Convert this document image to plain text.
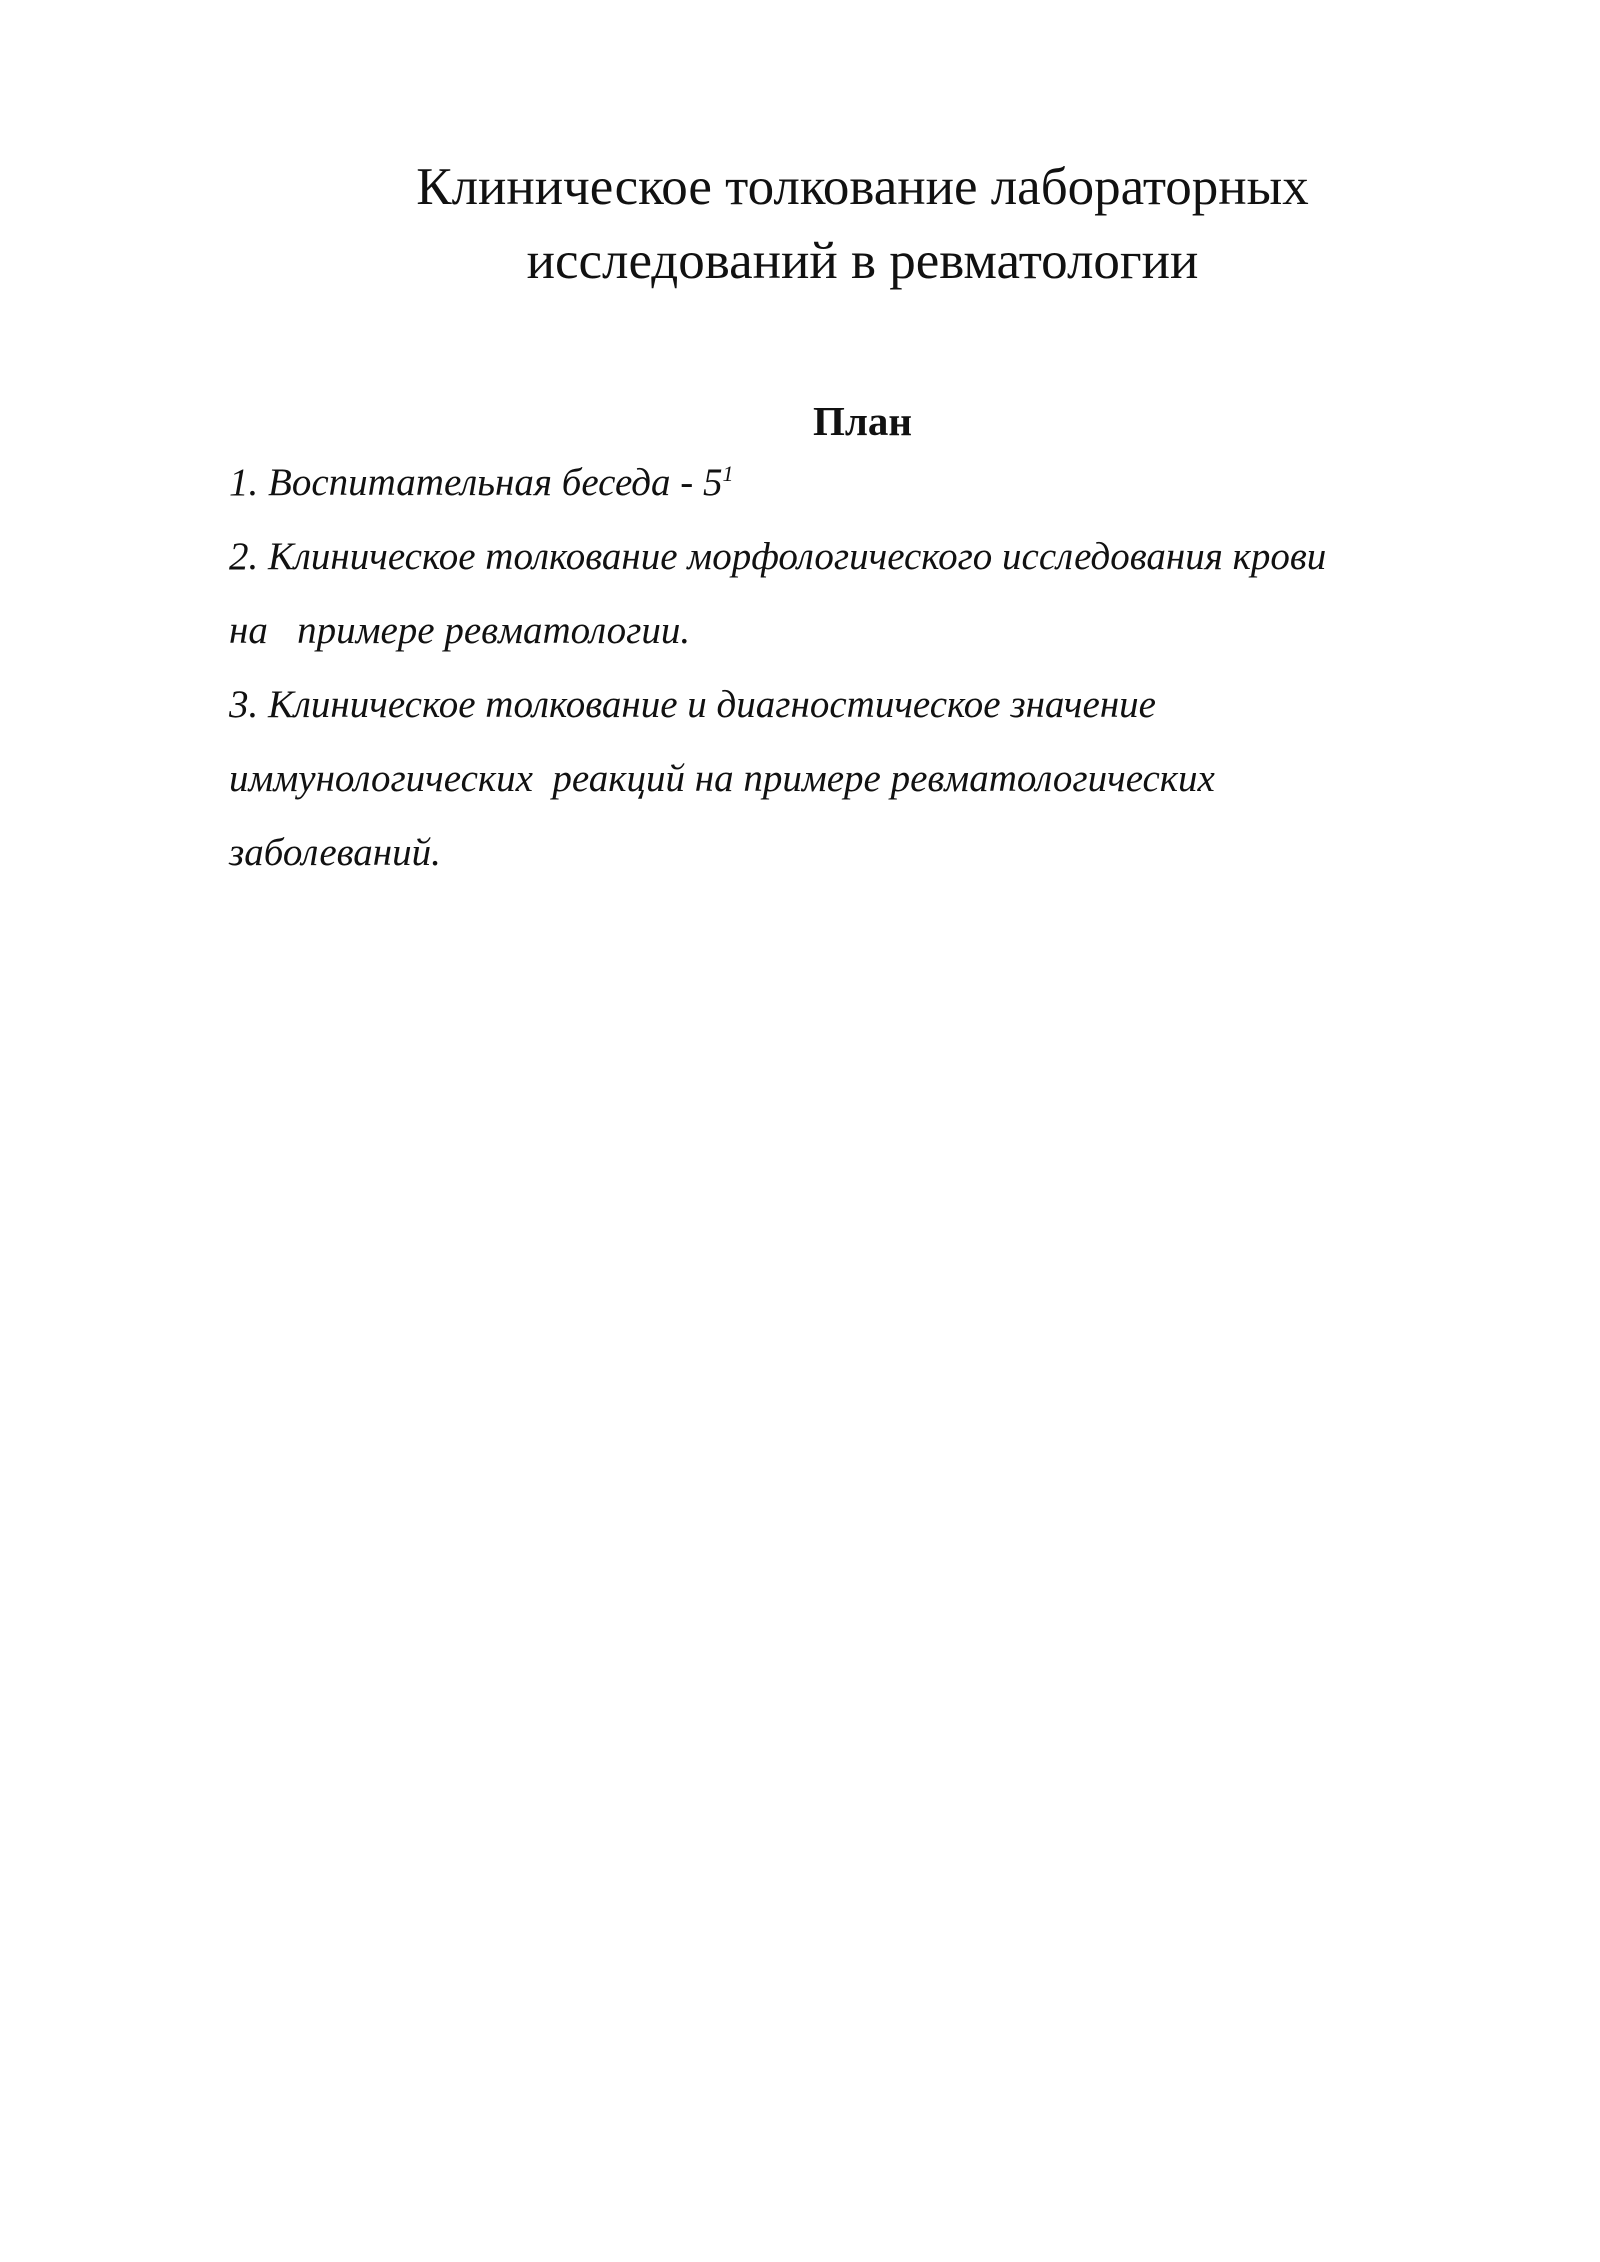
Клиническое толкование лабораторных
исследований в ревматологии
План
1. Воспитательная беседа - $5^1$
2. Клиническое толкование морфологического исследования крови
на   примере ревматологии.
3. Клиническое толкование и диагностическое значение
иммунологических  реакций на примере ревматологических
заболеваний.
